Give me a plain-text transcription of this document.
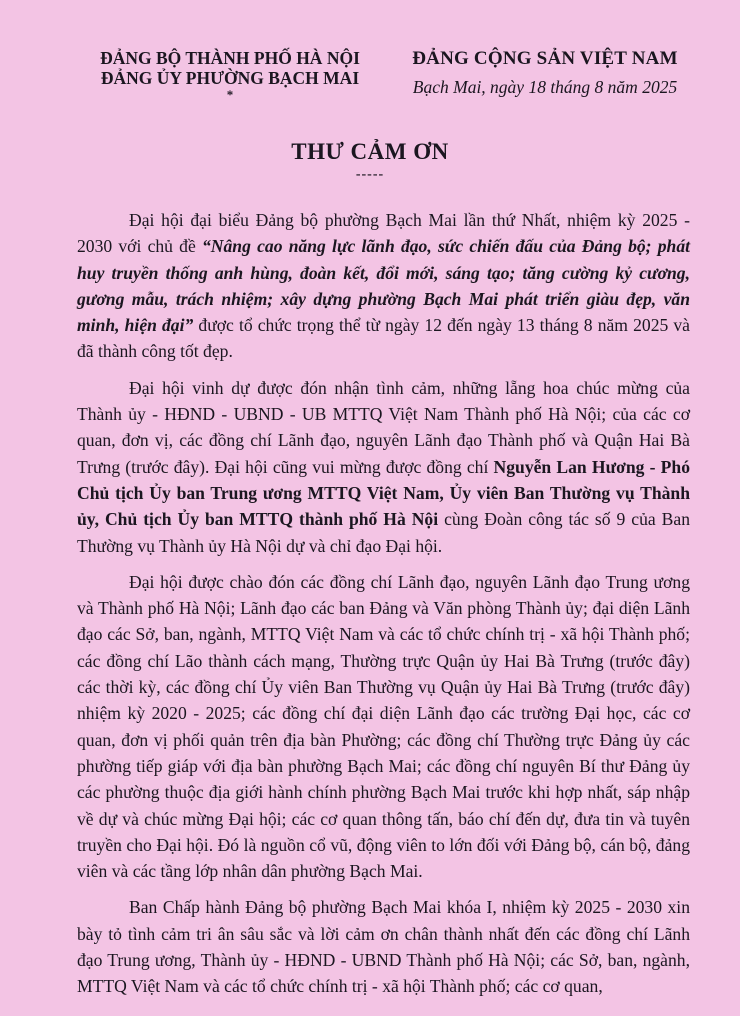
ĐẢNG BỘ THÀNH PHỐ HÀ NỘI
ĐẢNG ỦY PHƯỜNG BẠCH MAI
*
ĐẢNG CỘNG SẢN VIỆT NAM
Bạch Mai, ngày 18 tháng 8 năm 2025
THƯ CẢM ƠN
-----

Đại hội đại biểu Đảng bộ phường Bạch Mai lần thứ Nhất, nhiệm kỳ 2025 - 2030 với chủ đề “Nâng cao năng lực lãnh đạo, sức chiến đấu của Đảng bộ; phát huy truyền thống anh hùng, đoàn kết, đổi mới, sáng tạo; tăng cường kỷ cương, gương mẫu, trách nhiệm; xây dựng phường Bạch Mai phát triển giàu đẹp, văn minh, hiện đại” được tổ chức trọng thể từ ngày 12 đến ngày 13 tháng 8 năm 2025 và đã thành công tốt đẹp.

Đại hội vinh dự được đón nhận tình cảm, những lẵng hoa chúc mừng của Thành ủy - HĐND - UBND - UB MTTQ Việt Nam Thành phố Hà Nội; của các cơ quan, đơn vị, các đồng chí Lãnh đạo, nguyên Lãnh đạo Thành phố và Quận Hai Bà Trưng (trước đây). Đại hội cũng vui mừng được đồng chí Nguyễn Lan Hương - Phó Chủ tịch Ủy ban Trung ương MTTQ Việt Nam, Ủy viên Ban Thường vụ Thành ủy, Chủ tịch Ủy ban MTTQ thành phố Hà Nội cùng Đoàn công tác số 9 của Ban Thường vụ Thành ủy Hà Nội dự và chỉ đạo Đại hội.

Đại hội được chào đón các đồng chí Lãnh đạo, nguyên Lãnh đạo Trung ương và Thành phố Hà Nội; Lãnh đạo các ban Đảng và Văn phòng Thành ủy; đại diện Lãnh đạo các Sở, ban, ngành, MTTQ Việt Nam và các tổ chức chính trị - xã hội Thành phố; các đồng chí Lão thành cách mạng, Thường trực Quận ủy Hai Bà Trưng (trước đây) các thời kỳ, các đồng chí Ủy viên Ban Thường vụ Quận ủy Hai Bà Trưng (trước đây) nhiệm kỳ 2020 - 2025; các đồng chí đại diện Lãnh đạo các trường Đại học, các cơ quan, đơn vị phối quản trên địa bàn Phường; các đồng chí Thường trực Đảng ủy các phường tiếp giáp với địa bàn phường Bạch Mai; các đồng chí nguyên Bí thư Đảng ủy các phường thuộc địa giới hành chính phường Bạch Mai trước khi hợp nhất, sáp nhập về dự và chúc mừng Đại hội; các cơ quan thông tấn, báo chí đến dự, đưa tin và tuyên truyền cho Đại hội. Đó là nguồn cổ vũ, động viên to lớn đối với Đảng bộ, cán bộ, đảng viên và các tầng lớp nhân dân phường Bạch Mai.

Ban Chấp hành Đảng bộ phường Bạch Mai khóa I, nhiệm kỳ 2025 - 2030 xin bày tỏ tình cảm tri ân sâu sắc và lời cảm ơn chân thành nhất đến các đồng chí Lãnh đạo Trung ương, Thành ủy - HĐND - UBND Thành phố Hà Nội; các Sở, ban, ngành, MTTQ Việt Nam và các tổ chức chính trị - xã hội Thành phố; các cơ quan,
